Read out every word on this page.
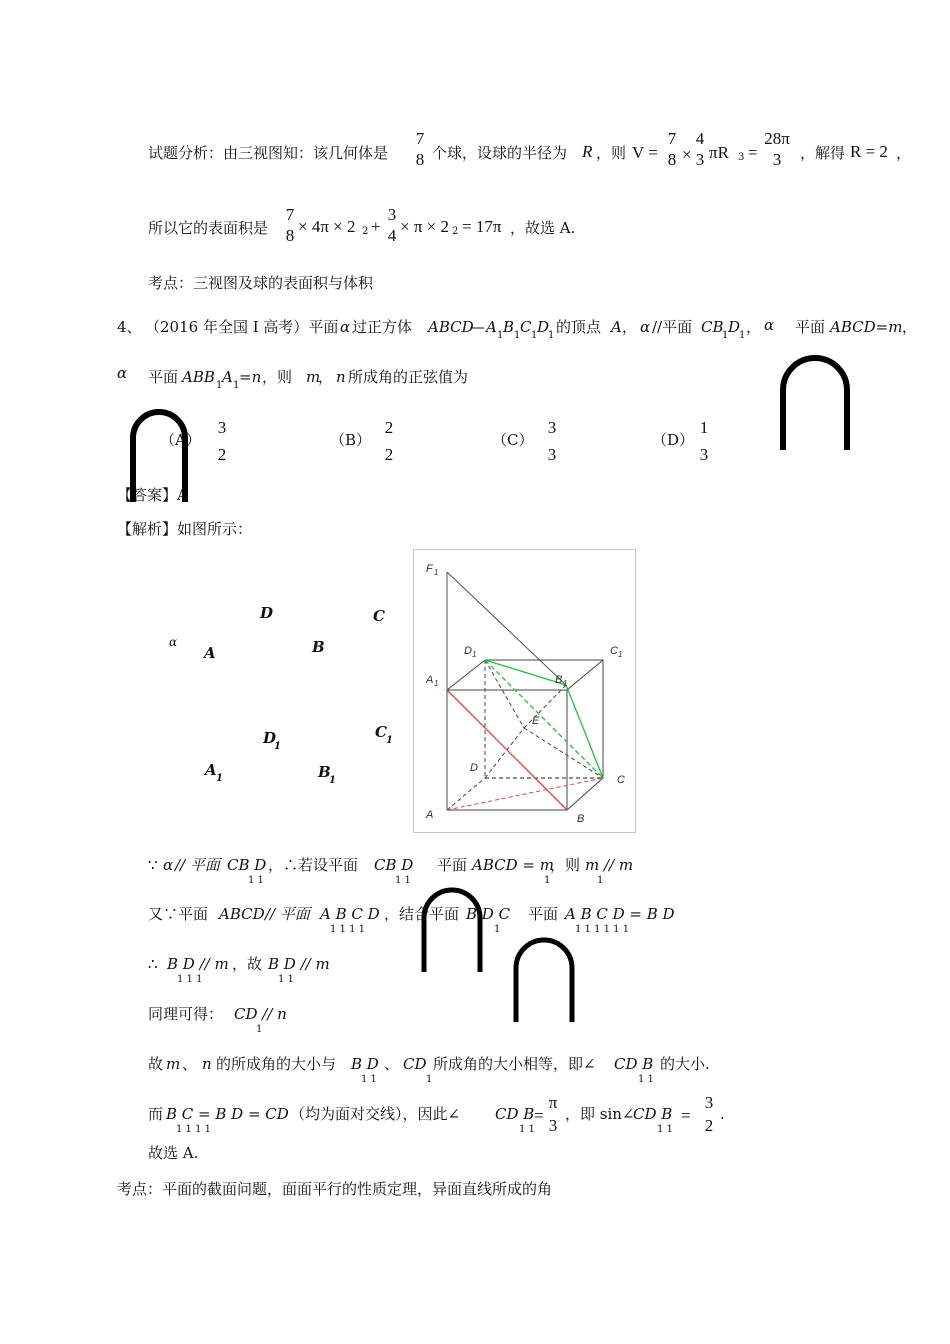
试题分析：由三视图知：该几何体是
7
8 个球，设球的半径为 R ，则 V =
7
8 ×
4
3 πR 3 =
28π
3	，解得 R = 2 ，
所以它的表面积是
7
8 × 4π × 2 2 +
3
4 × π × 2 2 = 17π ，故选 A.
考点：三视图及球的表面积与体积
4、 （2016 年全国 I 高考）平面 α 过正方体 ABCD
— A 1 B 1 C 1 D
1 的顶点 A ， α //平面 CB
1 D
1 ， α 平面 ABCD=m ，
α 平面 ABB 1 A 1 =n ，则 m
， n 所成角的正弦值为
（A）
3
2
（B）
2
2
（C）
3
3
（D）
1
3
【答案】A
【解析】如图所示：
D	C
α
A	B
D
1
C 1
A 1	B
1
F
D	C
A	B
E
D
C
A	B
1
1	1
1	1
∵ α // 平面 CB D
1 1
，∴若设平面 CB D
1 1
平面 ABCD = m
1
，则 m // m
1
又∵平面 ABCD // 平面 A B C D
1 1 1 1
，结合平面 B D C
1
平面 A B C D = B D
1 1 1 1 1 1
∴ B D // m
1 1 1
，故 B D // m
1 1
同理可得： CD // n
1
故 m 、 n 的所成角的大小与 B D
1 1
、 CD
1
所成角的大小相等，即∠ CD B
1 1
的大小.
而 B C = B D = CD
1 1 1 1
（均为面对交线），因此∠ CD B
1 1
=
π
3
，即 sin∠
CD B
1 1
=
3
2
.
故选 A.
考点：平面的截面问题，面面平行的性质定理，异面直线所成的角
